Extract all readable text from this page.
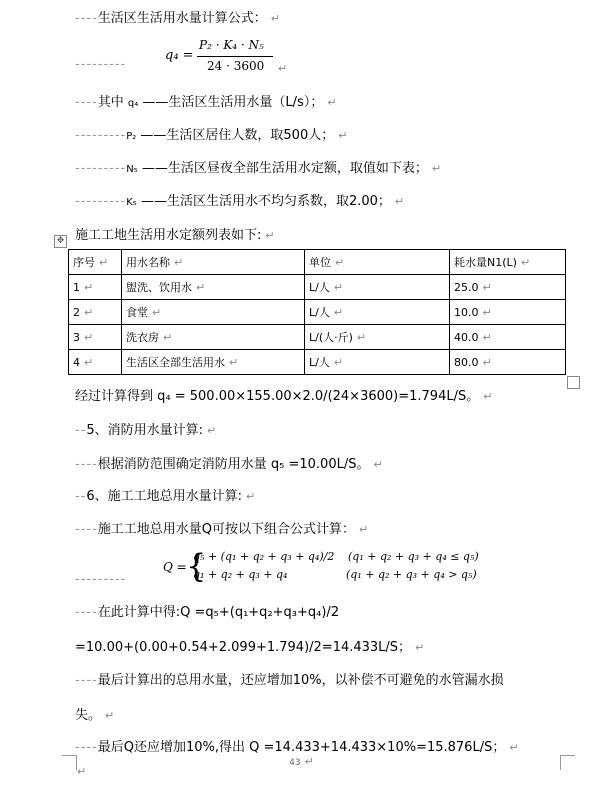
----生活区生活用水量计算公式： ↵
---------
q₄ =
P₂ · K₄ · N₅
24 · 3600 ↵
----其中 q₄ ——生活区生活用水量（L/s）； ↵
---------P₂ ——生活区居住人数，取500人； ↵
---------N₅ ——生活区昼夜全部生活用水定额，取值如下表； ↵
---------K₅ ——生活区生活用水不均匀系数，取2.00； ↵
施工工地生活用水定额列表如下: ↵
✥
序号 ↵	用水名称 ↵	单位 ↵	耗水量N1(L) ↵
1 ↵	盥洗、饮用水 ↵	L/人 ↵	25.0 ↵
2 ↵	食堂 ↵	L/人 ↵	10.0 ↵
3 ↵	洗衣房 ↵	L/(人·斤) ↵	40.0 ↵
4 ↵	生活区全部生活用水 ↵	L/人 ↵	80.0 ↵
经过计算得到 q₄ = 500.00×155.00×2.0/(24×3600)=1.794L/S。 ↵
--5、消防用水量计算: ↵
----根据消防范围确定消防用水量 q₅ =10.00L/S。 ↵
--6、施工工地总用水量计算: ↵
----施工工地总用水量Q可按以下组合公式计算： ↵
---------
Q = {
q₅ + (q₁ + q₂ + q₃ + q₄)/2 (q₁ + q₂ + q₃ + q₄ ≤ q₅)
q₁ + q₂ + q₃ + q₄	(q₁ + q₂ + q₃ + q₄ > q₅)
----在此计算中得:Q =q₅+(q₁+q₂+q₃+q₄)/2
=10.00+(0.00+0.54+2.099+1.794)/2=14.433L/S； ↵
----最后计算出的总用水量，还应增加10%，以补偿不可避免的水管漏水损
失。 ↵
----最后Q还应增加10%,得出 Q =14.433+14.433×10%=15.876L/S； ↵
↵
43 ↵
